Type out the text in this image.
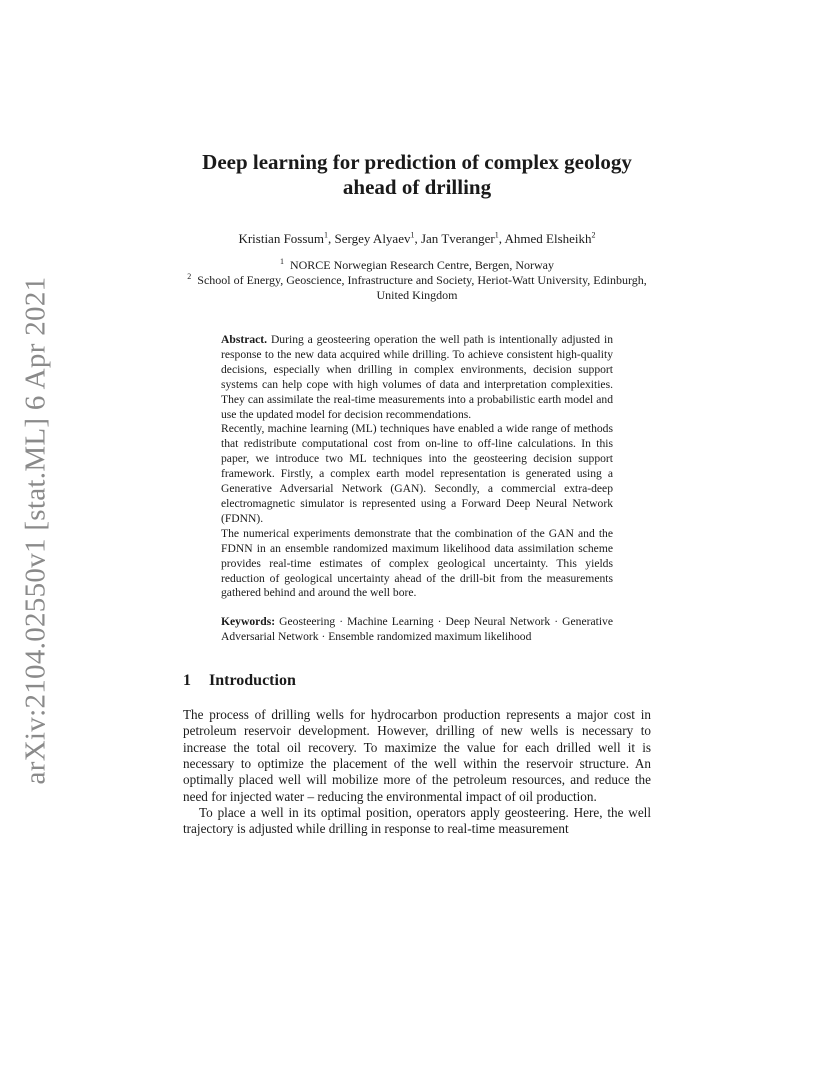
arXiv:2104.02550v1 [stat.ML] 6 Apr 2021
Deep learning for prediction of complex geology
ahead of drilling
Kristian Fossum$^1$, Sergey Alyaev$^1$, Jan Tveranger$^1$, Ahmed Elsheikh$^2$
$^1$ NORCE Norwegian Research Centre, Bergen, Norway
$^2$ School of Energy, Geoscience, Infrastructure and Society, Heriot-Watt University, Edinburgh, United Kingdom

Abstract. During a geosteering operation the well path is intentionally adjusted in response to the new data acquired while drilling. To achieve consistent high-quality decisions, especially when drilling in complex environments, decision support systems can help cope with high volumes of data and interpretation complexities. They can assimilate the real-time measurements into a probabilistic earth model and use the updated model for decision recommendations.

Recently, machine learning (ML) techniques have enabled a wide range of methods that redistribute computational cost from on-line to off-line calculations. In this paper, we introduce two ML techniques into the geosteering decision support framework. Firstly, a complex earth model representation is generated using a Generative Adversarial Network (GAN). Secondly, a commercial extra-deep electromagnetic simulator is represented using a Forward Deep Neural Network (FDNN).

The numerical experiments demonstrate that the combination of the GAN and the FDNN in an ensemble randomized maximum likelihood data assimilation scheme provides real-time estimates of complex geological uncertainty. This yields reduction of geological uncertainty ahead of the drill-bit from the measurements gathered behind and around the well bore.

Keywords: Geosteering · Machine Learning · Deep Neural Network · Generative Adversarial Network · Ensemble randomized maximum likelihood
1 Introduction

The process of drilling wells for hydrocarbon production represents a major cost in petroleum reservoir development. However, drilling of new wells is necessary to increase the total oil recovery. To maximize the value for each drilled well it is necessary to optimize the placement of the well within the reservoir structure. An optimally placed well will mobilize more of the petroleum resources, and reduce the need for injected water – reducing the environmental impact of oil production.

To place a well in its optimal position, operators apply geosteering. Here, the well trajectory is adjusted while drilling in response to real-time measurement
